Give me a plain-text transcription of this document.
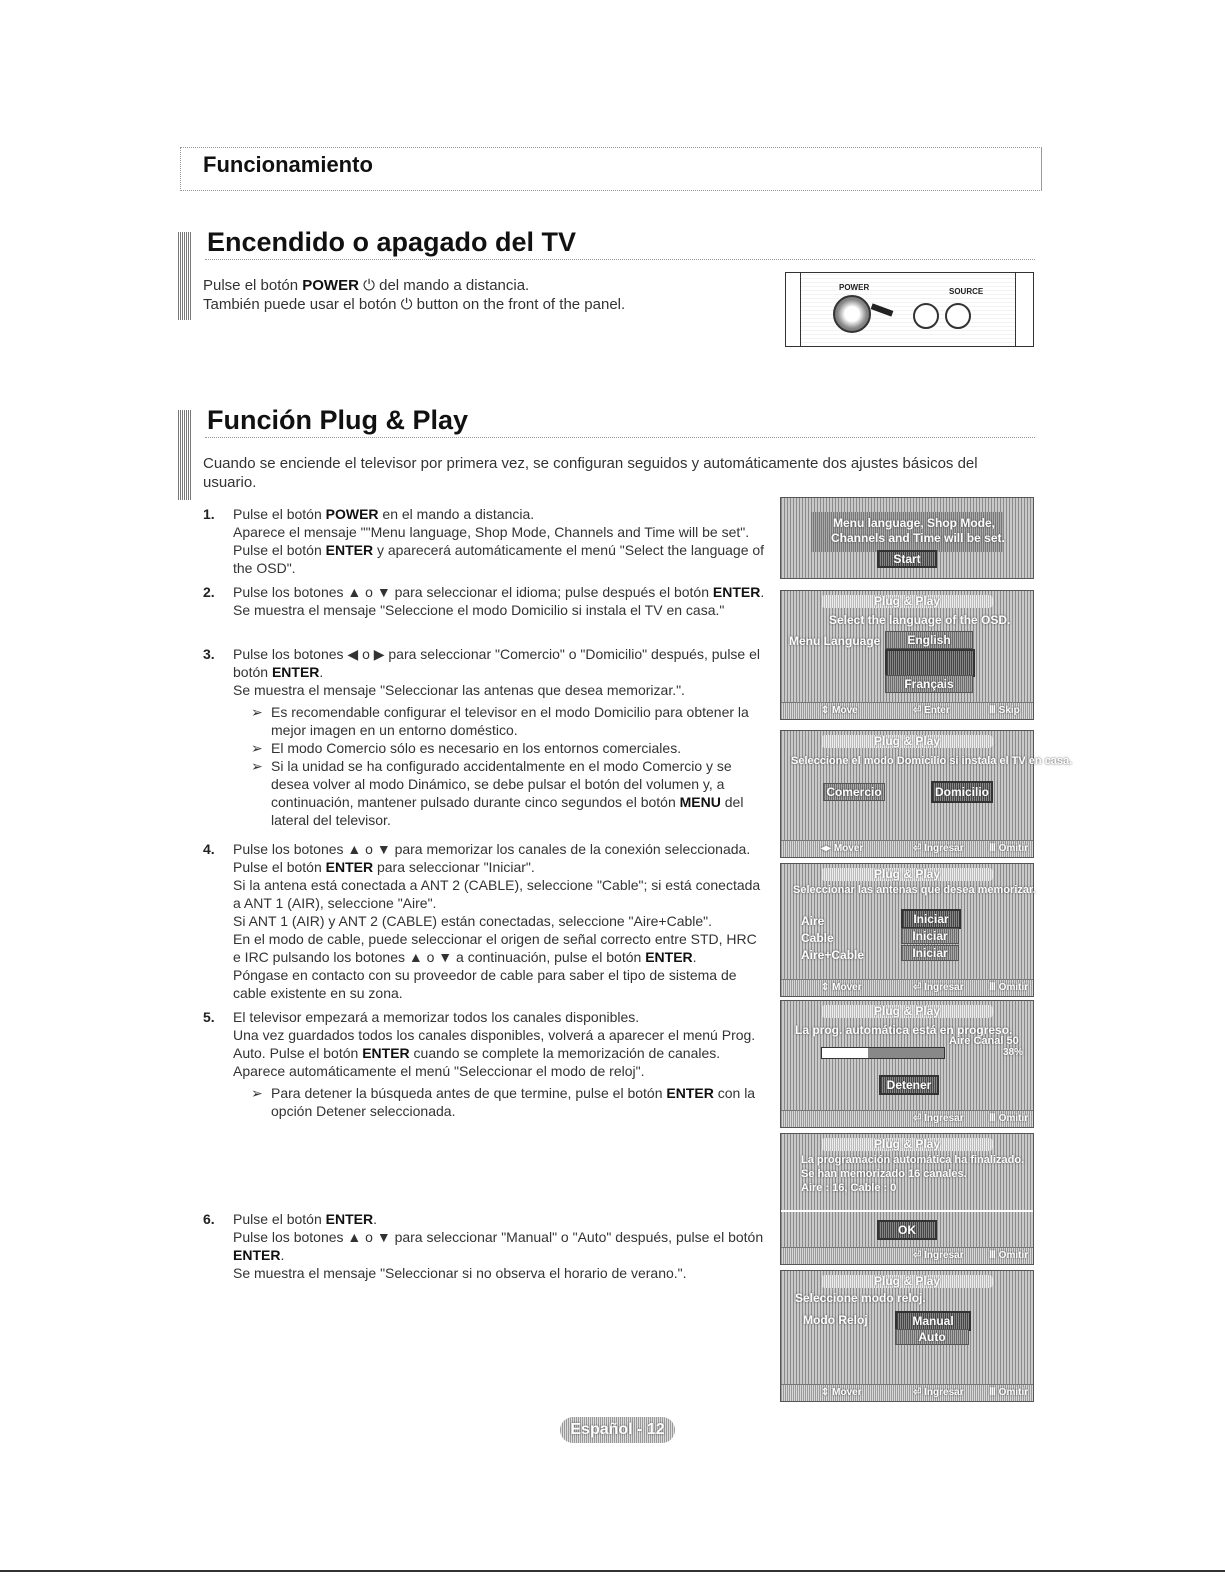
Funcionamiento
Encendido o apagado del TV
Pulse el botón POWER ⏻ del mando a distancia.
También puede usar el botón ⏻ button on the front of the panel.
POWER	SOURCE
Función Plug & Play
Cuando se enciende el televisor por primera vez, se configuran seguidos y automáticamente dos ajustes básicos del usuario.
1. Pulse el botón POWER en el mando a distancia.
Aparece el mensaje ""Menu language, Shop Mode, Channels and Time will be set".
Pulse el botón ENTER y aparecerá automáticamente el menú "Select the language of the OSD".
2. Pulse los botones ▲ o ▼ para seleccionar el idioma; pulse después el botón ENTER.
Se muestra el mensaje "Seleccione el modo Domicilio si instala el TV en casa."
3. Pulse los botones ◀ o ▶ para seleccionar "Comercio" o "Domicilio" después, pulse el botón ENTER.
Se muestra el mensaje "Seleccionar las antenas que desea memorizar.".
➢ Es recomendable configurar el televisor en el modo Domicilio para obtener la mejor imagen en un entorno doméstico.
➢ El modo Comercio sólo es necesario en los entornos comerciales.
➢ Si la unidad se ha configurado accidentalmente en el modo Comercio y se desea volver al modo Dinámico, se debe pulsar el botón del volumen y, a continuación, mantener pulsado durante cinco segundos el botón MENU del lateral del televisor.
4. Pulse los botones ▲ o ▼ para memorizar los canales de la conexión seleccionada. Pulse el botón ENTER para seleccionar "Iniciar".
Si la antena está conectada a ANT 2 (CABLE), seleccione "Cable"; si está conectada a ANT 1 (AIR), seleccione "Aire".
Si ANT 1 (AIR) y ANT 2 (CABLE) están conectadas, seleccione "Aire+Cable".
En el modo de cable, puede seleccionar el origen de señal correcto entre STD, HRC e IRC pulsando los botones ▲ o ▼ a continuación, pulse el botón ENTER.
Póngase en contacto con su proveedor de cable para saber el tipo de sistema de cable existente en su zona.
5. El televisor empezará a memorizar todos los canales disponibles.
Una vez guardados todos los canales disponibles, volverá a aparecer el menú Prog. Auto. Pulse el botón ENTER cuando se complete la memorización de canales. Aparece automáticamente el menú "Seleccionar el modo de reloj".
➢ Para detener la búsqueda antes de que termine, pulse el botón ENTER con la opción Detener seleccionada.
6. Pulse el botón ENTER.
Pulse los botones ▲ o ▼ para seleccionar "Manual" o "Auto" después, pulse el botón ENTER.
Se muestra el mensaje "Seleccionar si no observa el horario de verano.".
Menu language, Shop Mode,
Channels and Time will be set.
Start
Plug & Play
Select the language of the OSD.
Menu Language	English
Français
⇕ Move	⏎ Enter	Ⅲ Skip
Plug & Play
Seleccione el modo Domicilio si instala el TV en casa.
Comercio	Domicilio
◂▸ Mover	⏎ Ingresar	Ⅲ Omitir
Plug & Play
Seleccionar las antenas que desea memorizar.
Aire
Cable
Aire+Cable
Iniciar
Iniciar
Iniciar
⇕ Mover	⏎ Ingresar	Ⅲ Omitir
Plug & Play
La prog. automática está en progreso.
Aire Canal 50
38%
Detener
⏎ Ingresar	Ⅲ Omitir
Plug & Play
La programación automática ha finalizado.
Se han memorizado 16 canales.
Aire : 16, Cable : 0
OK
⏎ Ingresar	Ⅲ Omitir
Plug & Play
Seleccione modo reloj.
Modo Reloj	Manual
Auto
⇕ Mover	⏎ Ingresar	Ⅲ Omitir
Español - 12
